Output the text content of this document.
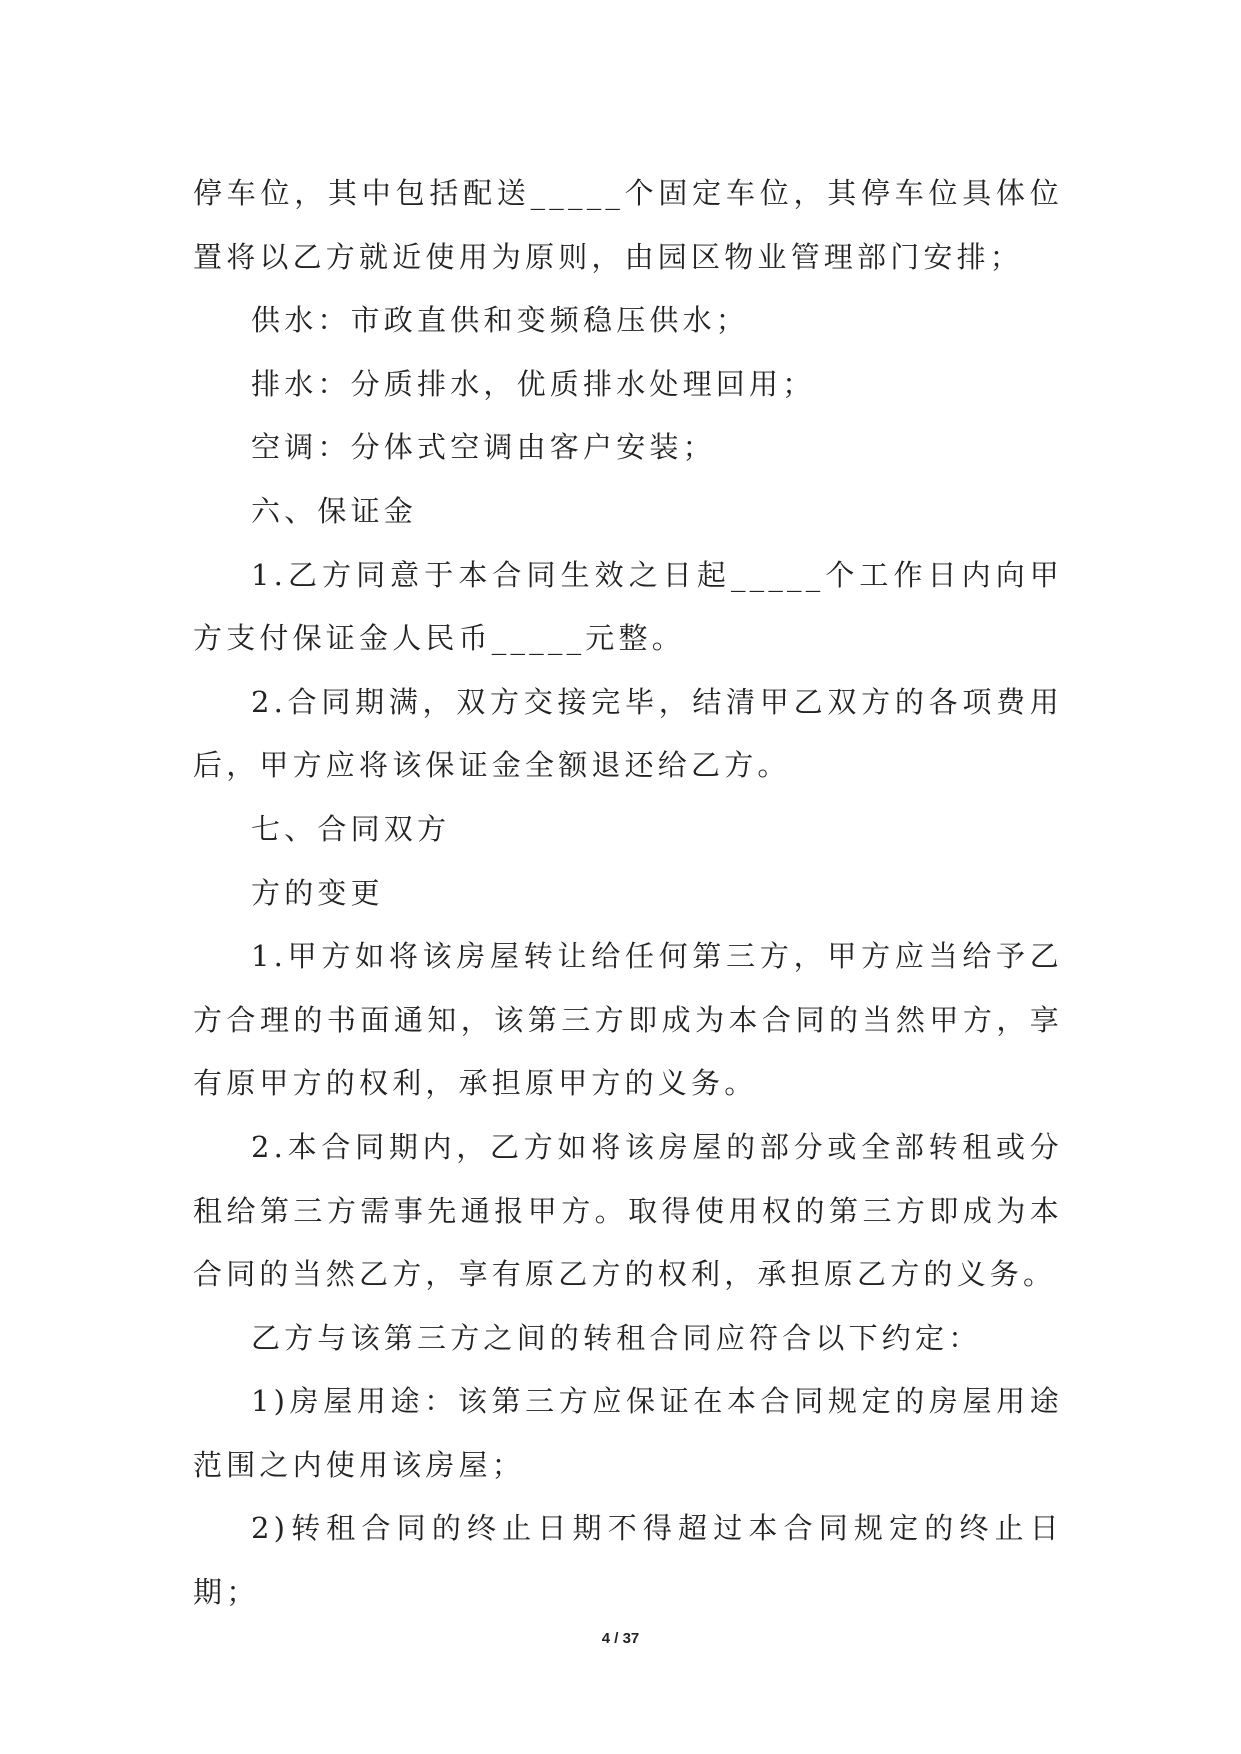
停车位，其中包括配送_____个固定车位，其停车位具体位置将以乙方就近使用为原则，由园区物业管理部门安排；

供水：市政直供和变频稳压供水；

排水：分质排水，优质排水处理回用；

空调：分体式空调由客户安装；

六、保证金

1.乙方同意于本合同生效之日起_____个工作日内向甲方支付保证金人民币_____元整。

2.合同期满，双方交接完毕，结清甲乙双方的各项费用后，甲方应将该保证金全额退还给乙方。

七、合同双方

方的变更

1.甲方如将该房屋转让给任何第三方，甲方应当给予乙方合理的书面通知，该第三方即成为本合同的当然甲方，享有原甲方的权利，承担原甲方的义务。

2.本合同期内，乙方如将该房屋的部分或全部转租或分租给第三方需事先通报甲方。取得使用权的第三方即成为本合同的当然乙方，享有原乙方的权利，承担原乙方的义务。

乙方与该第三方之间的转租合同应符合以下约定：

1)房屋用途：该第三方应保证在本合同规定的房屋用途范围之内使用该房屋；

2)转租合同的终止日期不得超过本合同规定的终止日期；

4 / 37
